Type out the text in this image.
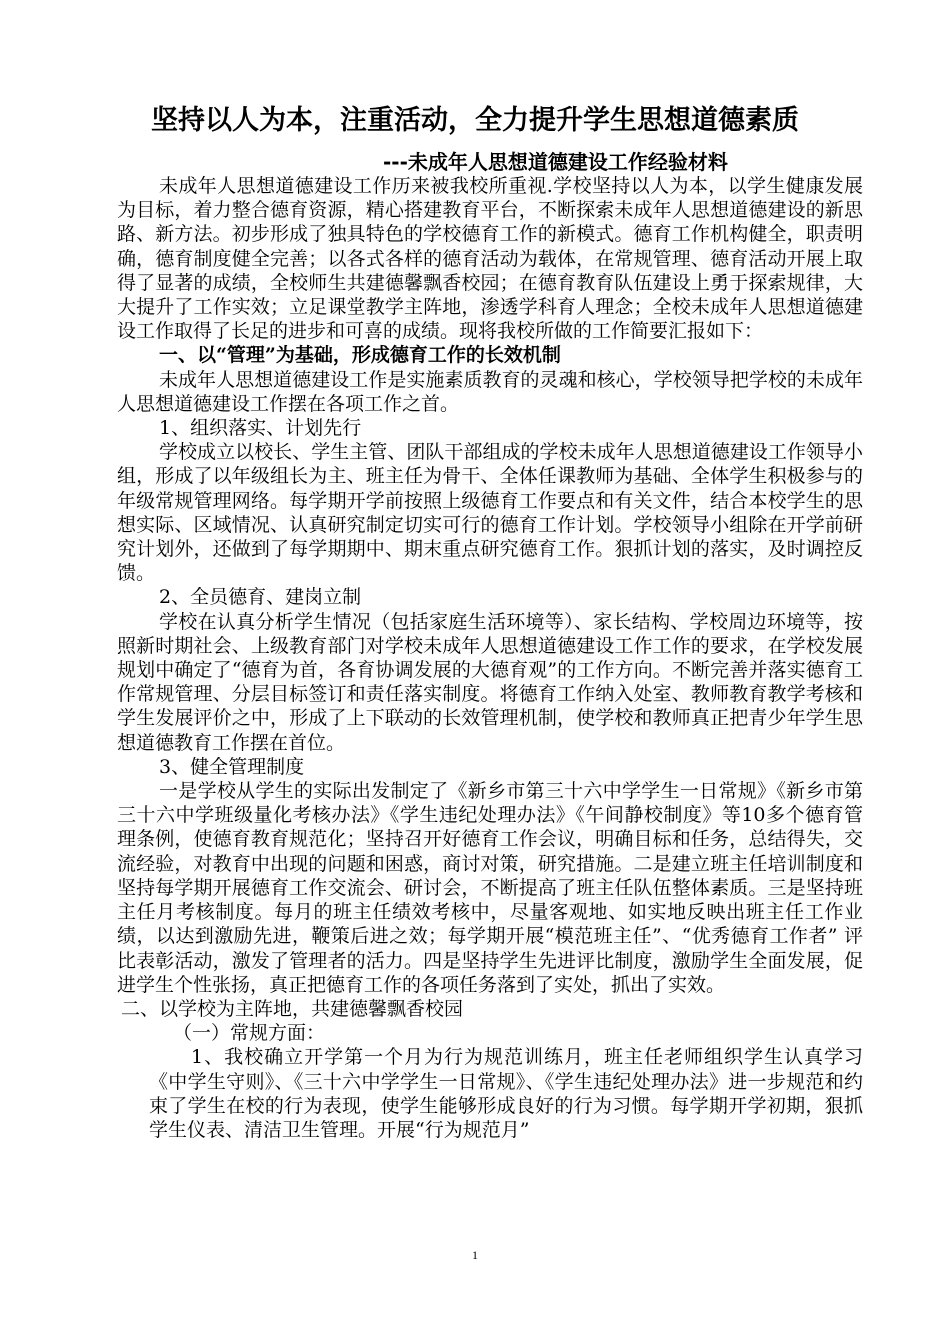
坚持以人为本，注重活动，全力提升学生思想道德素质
---未成年人思想道德建设工作经验材料

未成年人思想道德建设工作历来被我校所重视.学校坚持以人为本，以学生健康发展为目标，着力整合德育资源，精心搭建教育平台，不断探索未成年人思想道德建设的新思路、新方法。初步形成了独具特色的学校德育工作的新模式。德育工作机构健全，职责明确，德育制度健全完善；以各式各样的德育活动为载体，在常规管理、德育活动开展上取得了显著的成绩，全校师生共建德馨飘香校园；在德育教育队伍建设上勇于探索规律，大大提升了工作实效；立足课堂教学主阵地，渗透学科育人理念；全校未成年人思想道德建设工作取得了长足的进步和可喜的成绩。现将我校所做的工作简要汇报如下：

一、以“管理”为基础，形成德育工作的长效机制

未成年人思想道德建设工作是实施素质教育的灵魂和核心，学校领导把学校的未成年人思想道德建设工作摆在各项工作之首。

1、组织落实、计划先行

学校成立以校长、学生主管、团队干部组成的学校未成年人思想道德建设工作领导小组，形成了以年级组长为主、班主任为骨干、全体任课教师为基础、全体学生积极参与的年级常规管理网络。每学期开学前按照上级德育工作要点和有关文件，结合本校学生的思想实际、区域情况、认真研究制定切实可行的德育工作计划。学校领导小组除在开学前研究计划外，还做到了每学期期中、期末重点研究德育工作。狠抓计划的落实，及时调控反馈。

2、全员德育、建岗立制

学校在认真分析学生情况（包括家庭生活环境等）、家长结构、学校周边环境等，按照新时期社会、上级教育部门对学校未成年人思想道德建设工作工作的要求，在学校发展规划中确定了“德育为首，各育协调发展的大德育观”的工作方向。不断完善并落实德育工作常规管理、分层目标签订和责任落实制度。将德育工作纳入处室、教师教育教学考核和学生发展评价之中，形成了上下联动的长效管理机制，使学校和教师真正把青少年学生思想道德教育工作摆在首位。

3、健全管理制度

一是学校从学生的实际出发制定了《新乡市第三十六中学学生一日常规》《新乡市第三十六中学班级量化考核办法》《学生违纪处理办法》《午间静校制度》等10多个德育管理条例，使德育教育规范化；坚持召开好德育工作会议，明确目标和任务，总结得失，交流经验，对教育中出现的问题和困惑，商讨对策，研究措施。二是建立班主任培训制度和坚持每学期开展德育工作交流会、研讨会，不断提高了班主任队伍整体素质。三是坚持班主任月考核制度。每月的班主任绩效考核中，尽量客观地、如实地反映出班主任工作业绩，以达到激励先进，鞭策后进之效；每学期开展“模范班主任”、“优秀德育工作者” 评比表彰活动，激发了管理者的活力。四是坚持学生先进评比制度，激励学生全面发展，促进学生个性张扬，真正把德育工作的各项任务落到了实处，抓出了实效。

二、以学校为主阵地，共建德馨飘香校园

（一）常规方面：

1、我校确立开学第一个月为行为规范训练月，班主任老师组织学生认真学习《中学生守则》、《三十六中学学生一日常规》、《学生违纪处理办法》进一步规范和约束了学生在校的行为表现，使学生能够形成良好的行为习惯。每学期开学初期，狠抓学生仪表、清洁卫生管理。开展“行为规范月”

1
